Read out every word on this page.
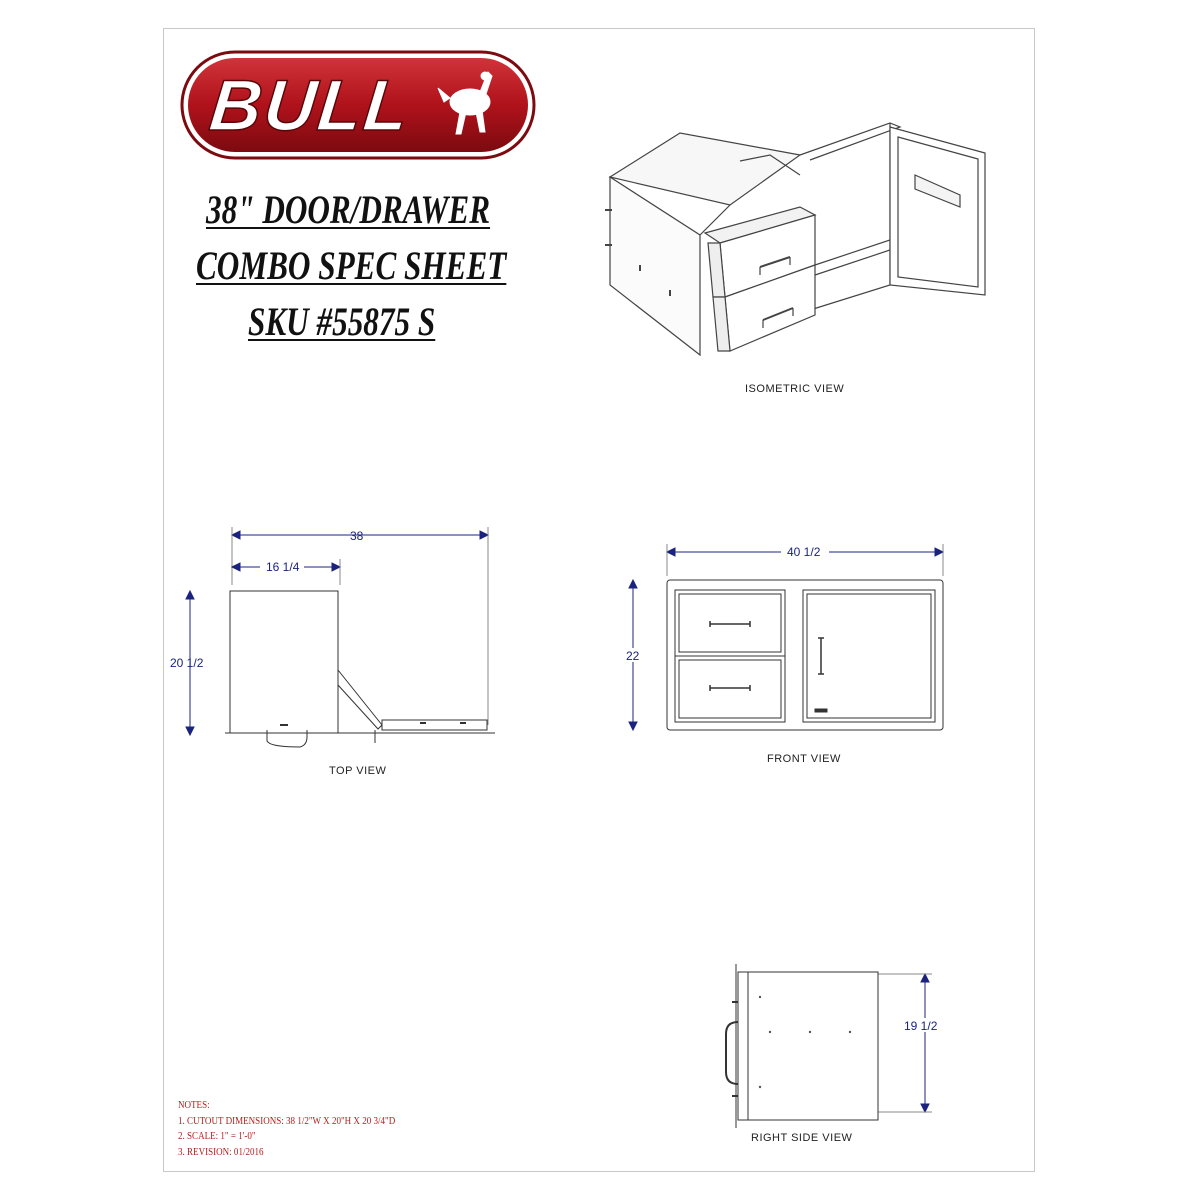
BULL
38" DOOR/DRAWER
COMBO SPEC SHEET
SKU #55875 S
ISOMETRIC VIEW
38
16 1/4
20 1/2
TOP VIEW
40 1/2
22
FRONT VIEW
19 1/2
RIGHT SIDE VIEW
NOTES:
1. CUTOUT DIMENSIONS: 38 1/2"W X 20"H X 20 3/4"D
2. SCALE: 1" = 1'-0"
3. REVISION: 01/2016
